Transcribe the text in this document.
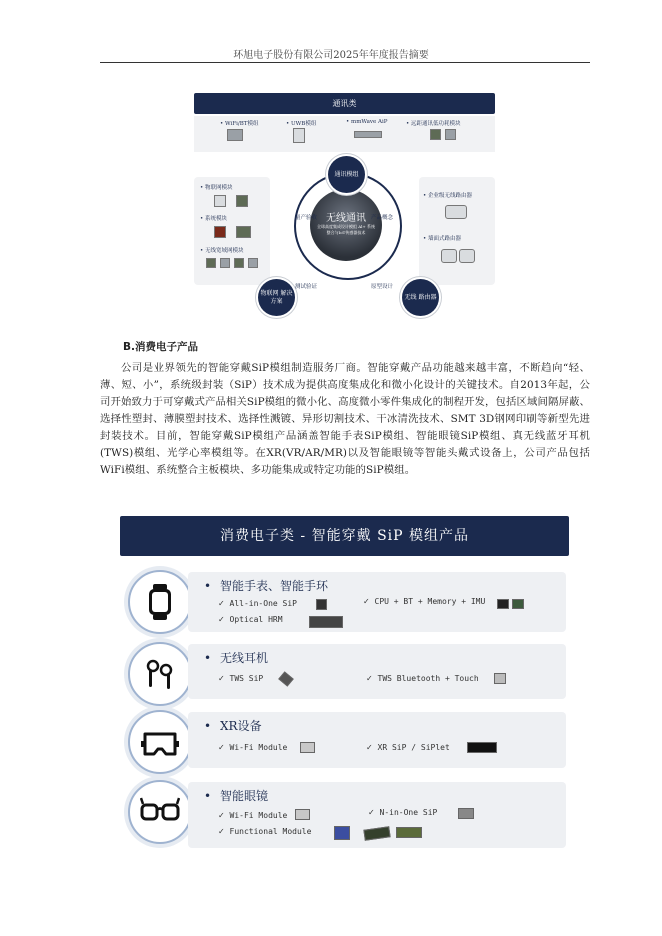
环旭电子股份有限公司2025年年度报告摘要
通讯类
• WiFi/BT模组	• UWB模组	• mmWave AiP	• 远距通讯低功耗模块
• 物联网模块
• 系统模块
• 无线宽域网模块
• 企业级无线路由器
• 墙面式路由器
无线通讯
全球高度集成设计模组 Al+ 系统整合与IoT传感器技术
通讯模组
物联网 解决方案
无线 路由器
量产验收	产品概念
测试验证	原型设计
B.消费电子产品
公司是业界领先的智能穿戴SiP模组制造服务厂商。智能穿戴产品功能越来越丰富，不断趋向“轻、薄、短、小”，系统级封装（SiP）技术成为提供高度集成化和微小化设计的关键技术。自2013年起，公司开始致力于可穿戴式产品相关SiP模组的微小化、高度微小零件集成化的制程开发，包括区域间隔屏蔽、选择性塑封、薄膜塑封技术、选择性溅镀、异形切割技术、干冰清洗技术、SMT 3D钢网印刷等新型先进封装技术。目前，智能穿戴SiP模组产品涵盖智能手表SiP模组、智能眼镜SiP模组、真无线蓝牙耳机(TWS)模组、光学心率模组等。在XR(VR/AR/MR)以及智能眼镜等智能头戴式设备上，公司产品包括WiFi模组、系统整合主板模块、多功能集成或特定功能的SiP模组。
消费电子类 - 智能穿戴 SiP 模组产品
• 智能手表、智能手环
✓ All-in-One SiP	✓ CPU + BT + Memory + IMU
✓ Optical HRM
• 无线耳机
✓ TWS SiP	✓ TWS Bluetooth + Touch
• XR设备
✓ Wi-Fi Module	✓ XR SiP / SiPlet
• 智能眼镜
✓ Wi-Fi Module	✓ N-in-One SiP
✓ Functional Module
